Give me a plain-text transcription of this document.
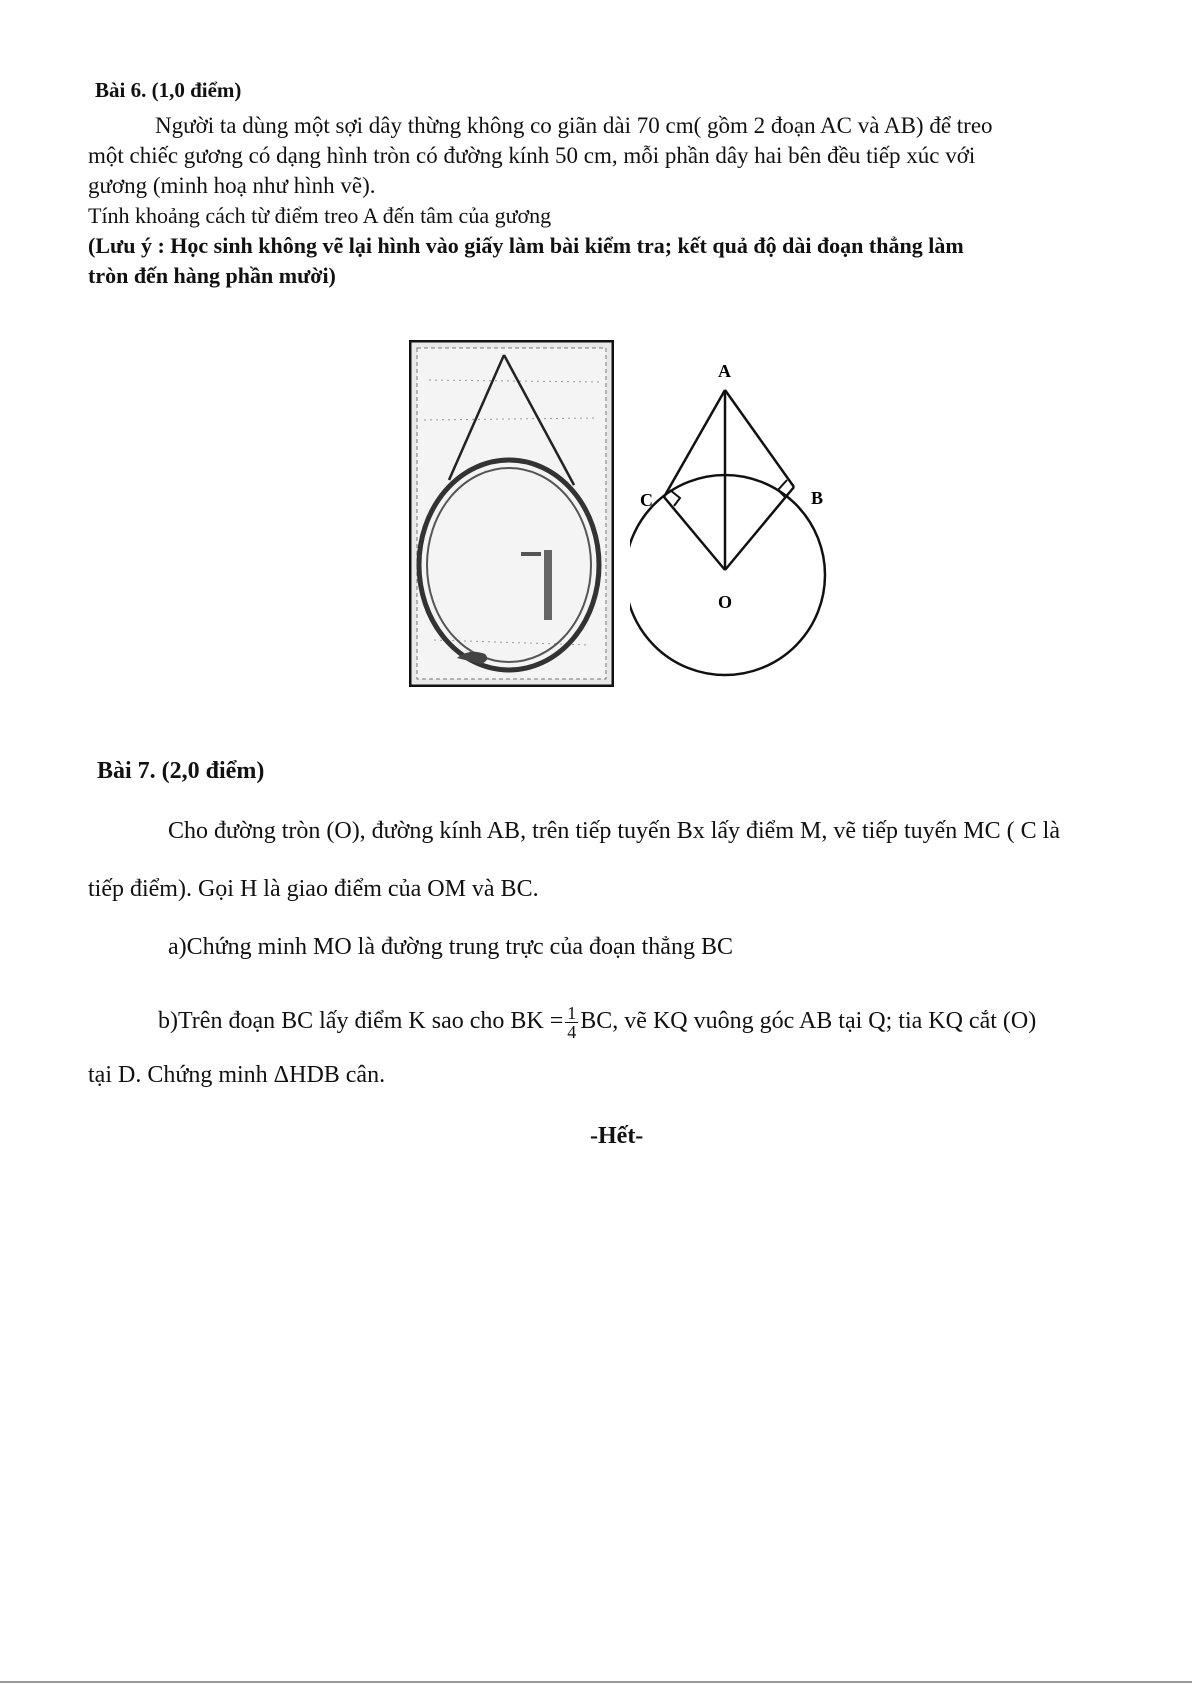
Bài 6. (1,0 điểm)
Người ta dùng một sợi dây thừng không co giãn dài 70 cm( gồm 2 đoạn AC và AB) để treo
một chiếc gương có dạng hình tròn có đường kính 50 cm, mỗi phần dây hai bên đều tiếp xúc với
gương (minh hoạ như hình vẽ).
Tính khoảng cách từ điểm treo A đến tâm của gương
(Lưu ý : Học sinh không vẽ lại hình vào giấy làm bài kiểm tra; kết quả độ dài đoạn thẳng làm
tròn đến hàng phần mười)
A
B
C
O
Bài 7. (2,0 điểm)
Cho đường tròn (O), đường kính AB, trên tiếp tuyến Bx lấy điểm M, vẽ tiếp tuyến MC ( C là
tiếp điểm). Gọi H là giao điểm của OM và BC.
a)Chứng minh MO là đường trung trực của đoạn thẳng BC
b)Trên đoạn BC lấy điểm K sao cho BK = $\frac{1}{4}$ BC, vẽ KQ vuông góc AB tại Q; tia KQ cắt (O)
tại D. Chứng minh ΔHDB cân.
-Hết-
